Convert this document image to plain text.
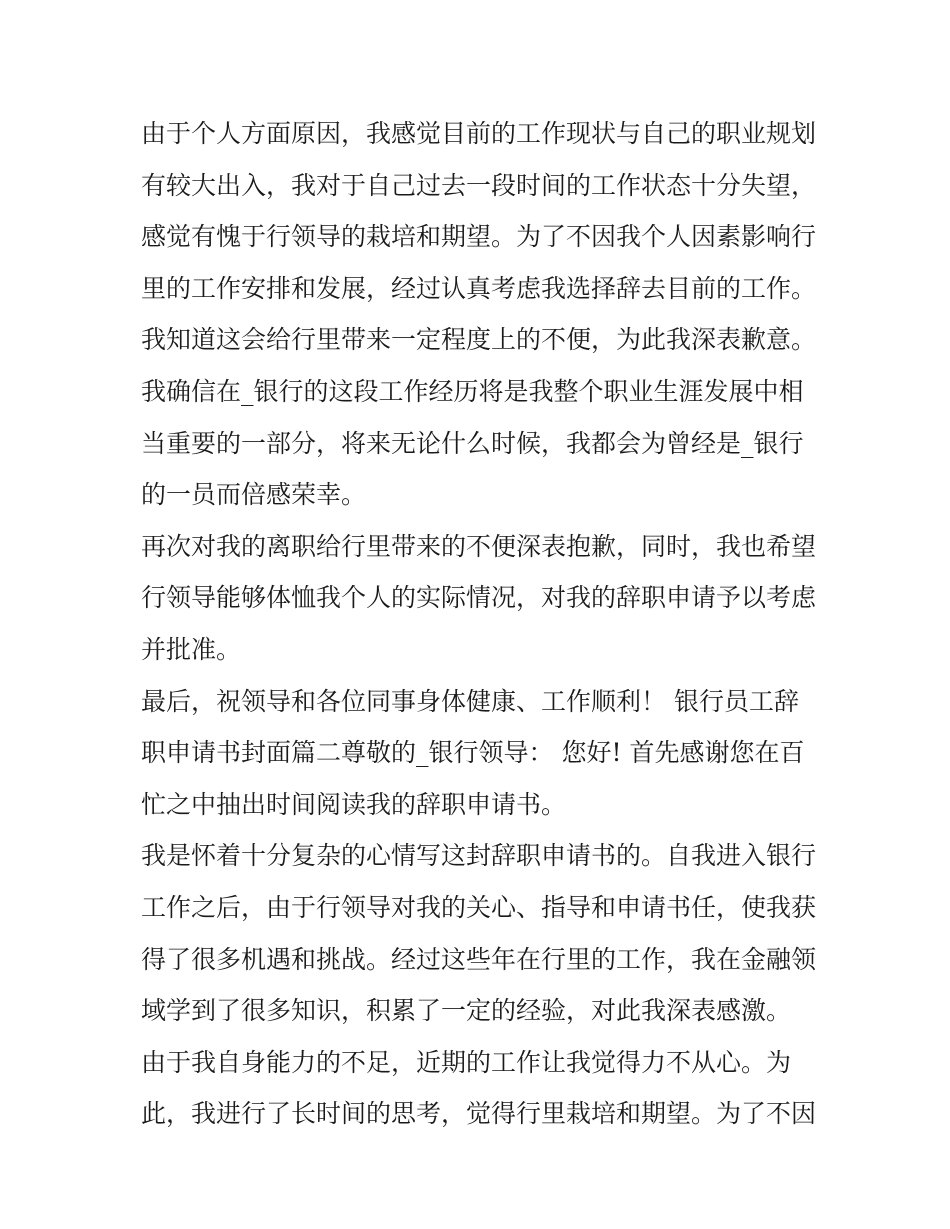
由于个人方面原因，我感觉目前的工作现状与自己的职业规划
有较大出入，我对于自己过去一段时间的工作状态十分失望，
感觉有愧于行领导的栽培和期望。为了不因我个人因素影响行
里的工作安排和发展，经过认真考虑我选择辞去目前的工作。
我知道这会给行里带来一定程度上的不便，为此我深表歉意。
我确信在_银行的这段工作经历将是我整个职业生涯发展中相
当重要的一部分，将来无论什么时候，我都会为曾经是_银行
的一员而倍感荣幸。
再次对我的离职给行里带来的不便深表抱歉，同时，我也希望
行领导能够体恤我个人的实际情况，对我的辞职申请予以考虑
并批准。
最后，祝领导和各位同事身体健康、工作顺利！ 银行员工辞
职申请书封面篇二尊敬的_银行领导： 您好! 首先感谢您在百
忙之中抽出时间阅读我的辞职申请书。
我是怀着十分复杂的心情写这封辞职申请书的。自我进入银行
工作之后，由于行领导对我的关心、指导和申请书任，使我获
得了很多机遇和挑战。经过这些年在行里的工作，我在金融领
域学到了很多知识，积累了一定的经验，对此我深表感激。
由于我自身能力的不足，近期的工作让我觉得力不从心。为
此，我进行了长时间的思考，觉得行里栽培和期望。为了不因
